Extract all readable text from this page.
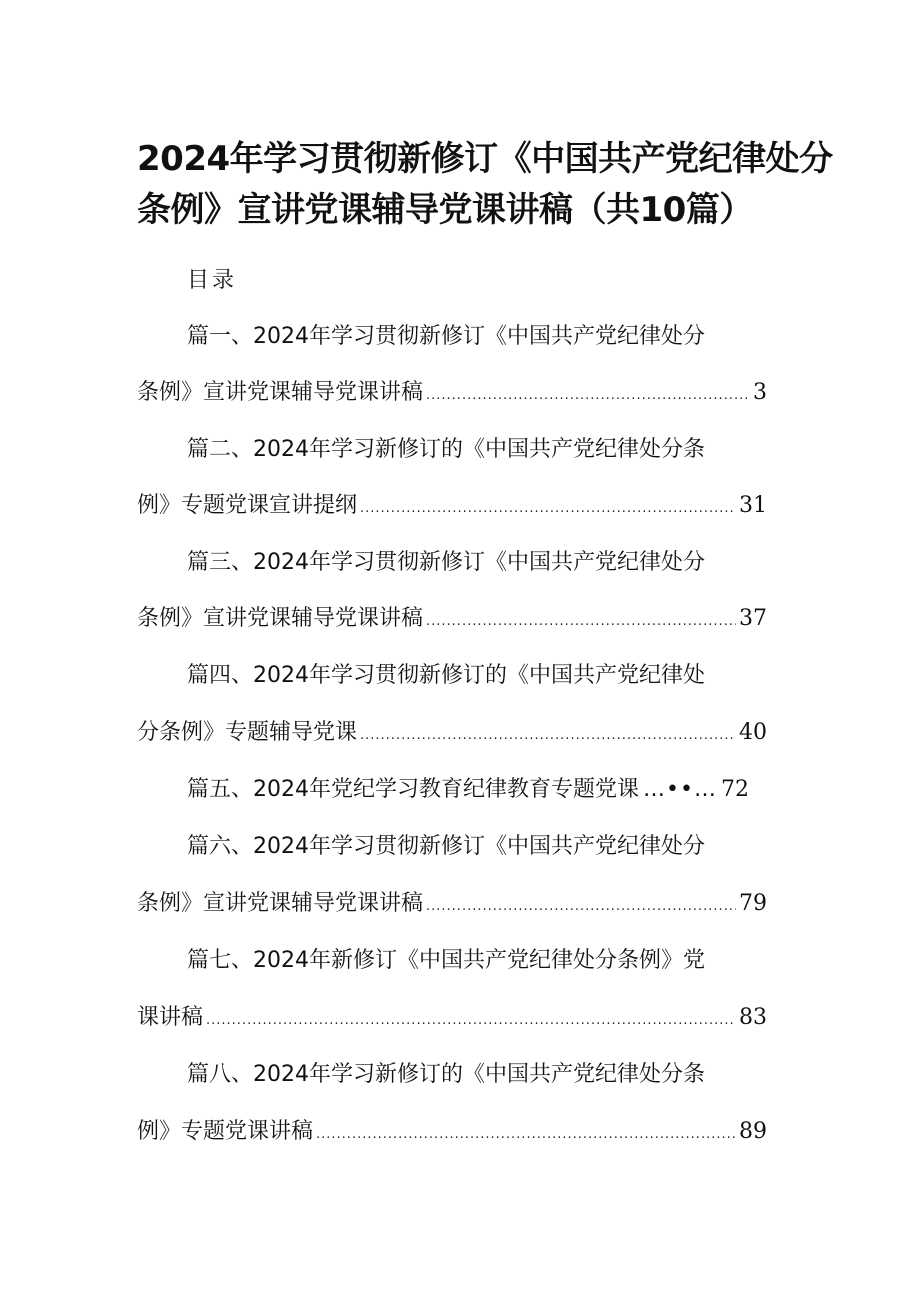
2024年学习贯彻新修订《中国共产党纪律处分
条例》宣讲党课辅导党课讲稿（共10篇）
目录
篇一、2024年学习贯彻新修订《中国共产党纪律处分
条例》宣讲党课辅导党课讲稿 .....	3
篇二、2024年学习新修订的《中国共产党纪律处分条
例》专题党课宣讲提纲 .....	31
篇三、2024年学习贯彻新修订《中国共产党纪律处分
条例》宣讲党课辅导党课讲稿 .....	37
篇四、2024年学习贯彻新修订的《中国共产党纪律处
分条例》专题辅导党课 .....	40
篇五、2024年党纪学习教育纪律教育专题党课 …••… 72
篇六、2024年学习贯彻新修订《中国共产党纪律处分
条例》宣讲党课辅导党课讲稿 .....	79
篇七、2024年新修订《中国共产党纪律处分条例》党
课讲稿 .....	83
篇八、2024年学习新修订的《中国共产党纪律处分条
例》专题党课讲稿 .....	89
